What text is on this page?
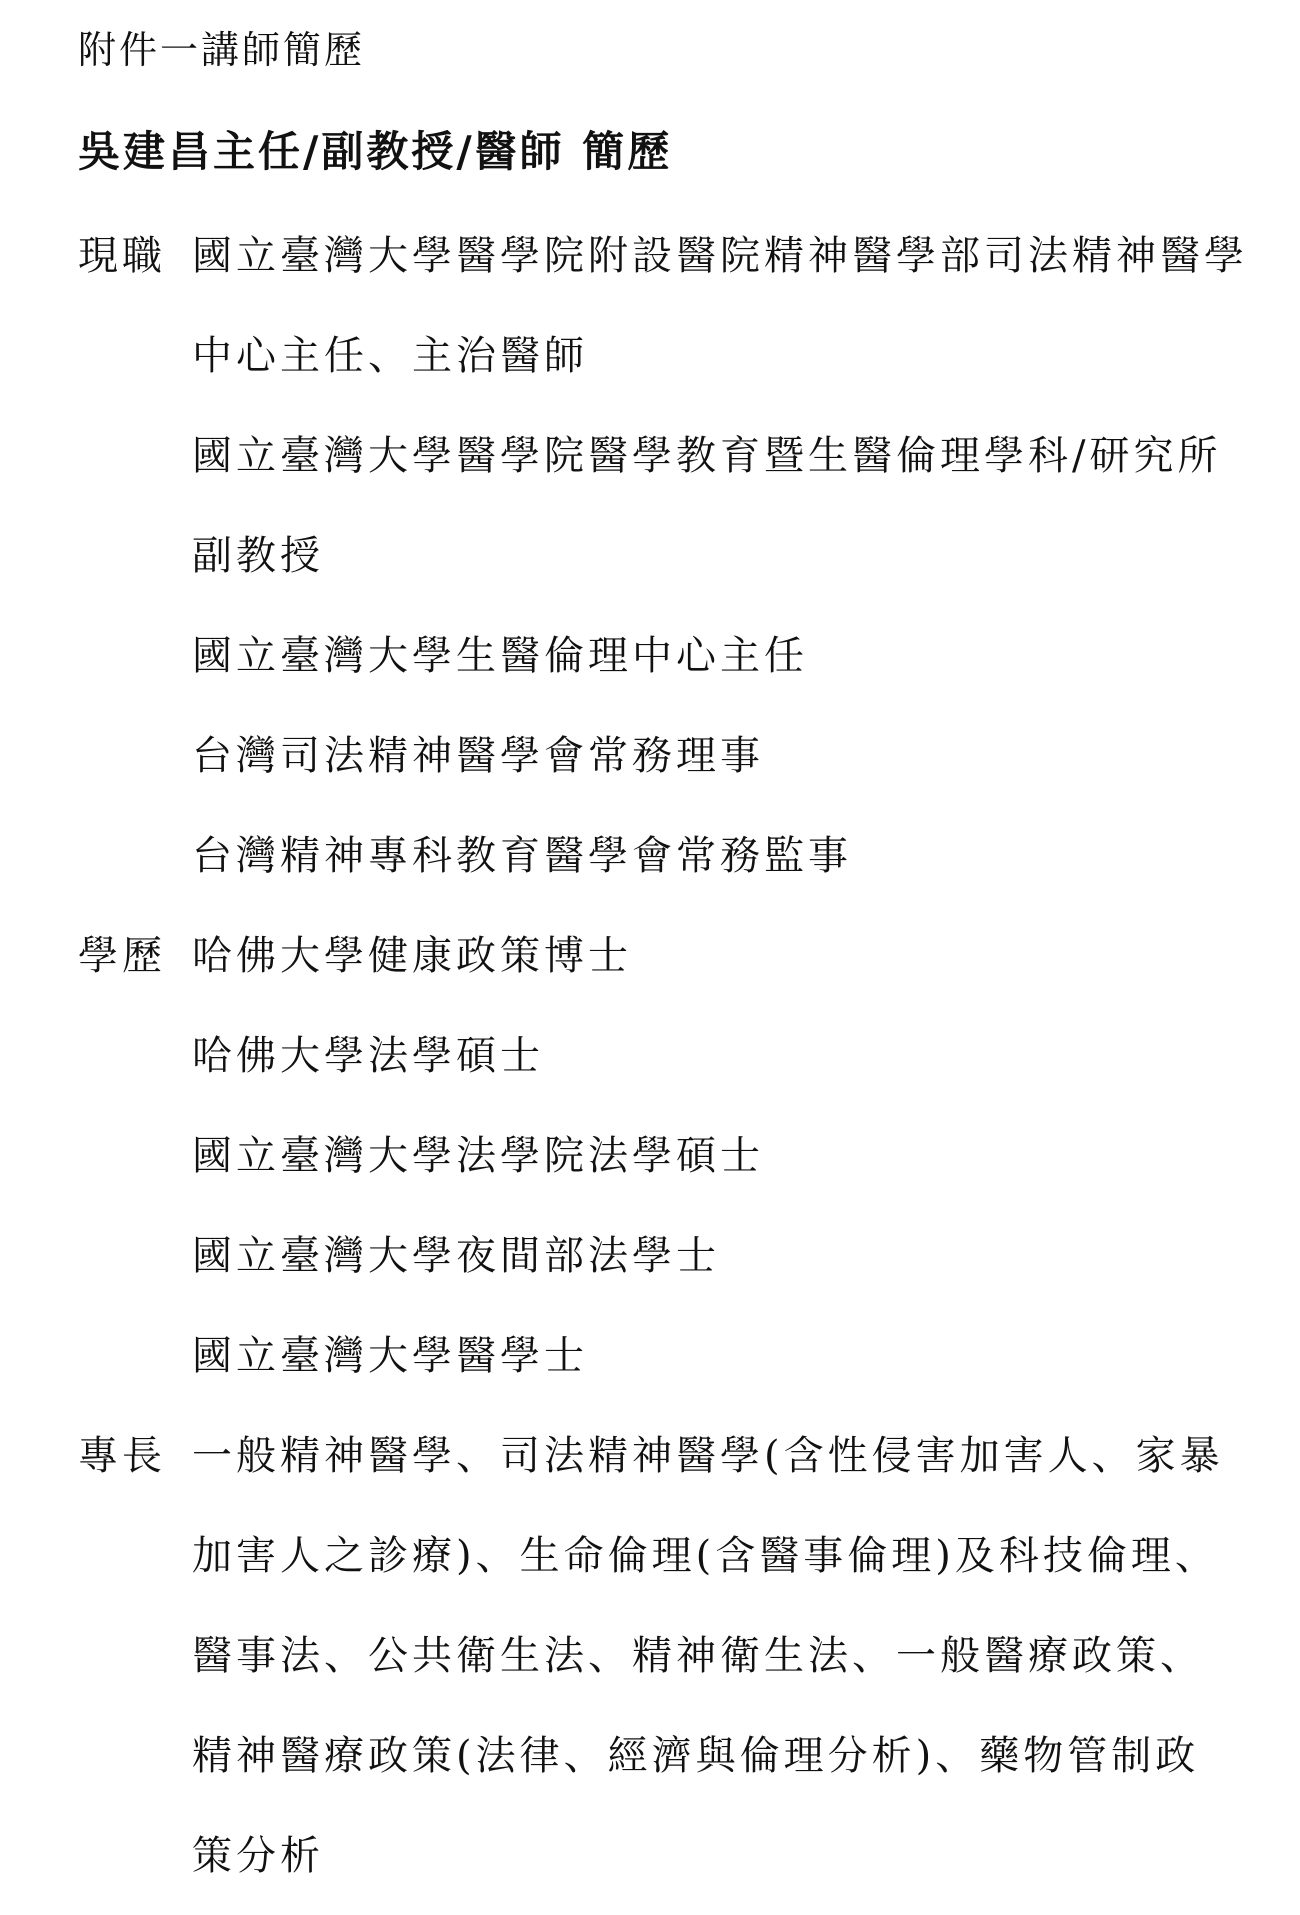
附件一講師簡歷
吳建昌主任/副教授/醫師 簡歷
現職 國立臺灣大學醫學院附設醫院精神醫學部司法精神醫學
中心主任、主治醫師
國立臺灣大學醫學院醫學教育暨生醫倫理學科/研究所
副教授
國立臺灣大學生醫倫理中心主任
台灣司法精神醫學會常務理事
台灣精神專科教育醫學會常務監事
學歷 哈佛大學健康政策博士
哈佛大學法學碩士
國立臺灣大學法學院法學碩士
國立臺灣大學夜間部法學士
國立臺灣大學醫學士
專長 一般精神醫學、司法精神醫學(含性侵害加害人、家暴
加害人之診療)、生命倫理(含醫事倫理)及科技倫理、
醫事法、公共衛生法、精神衛生法、一般醫療政策、
精神醫療政策(法律、經濟與倫理分析)、藥物管制政
策分析
